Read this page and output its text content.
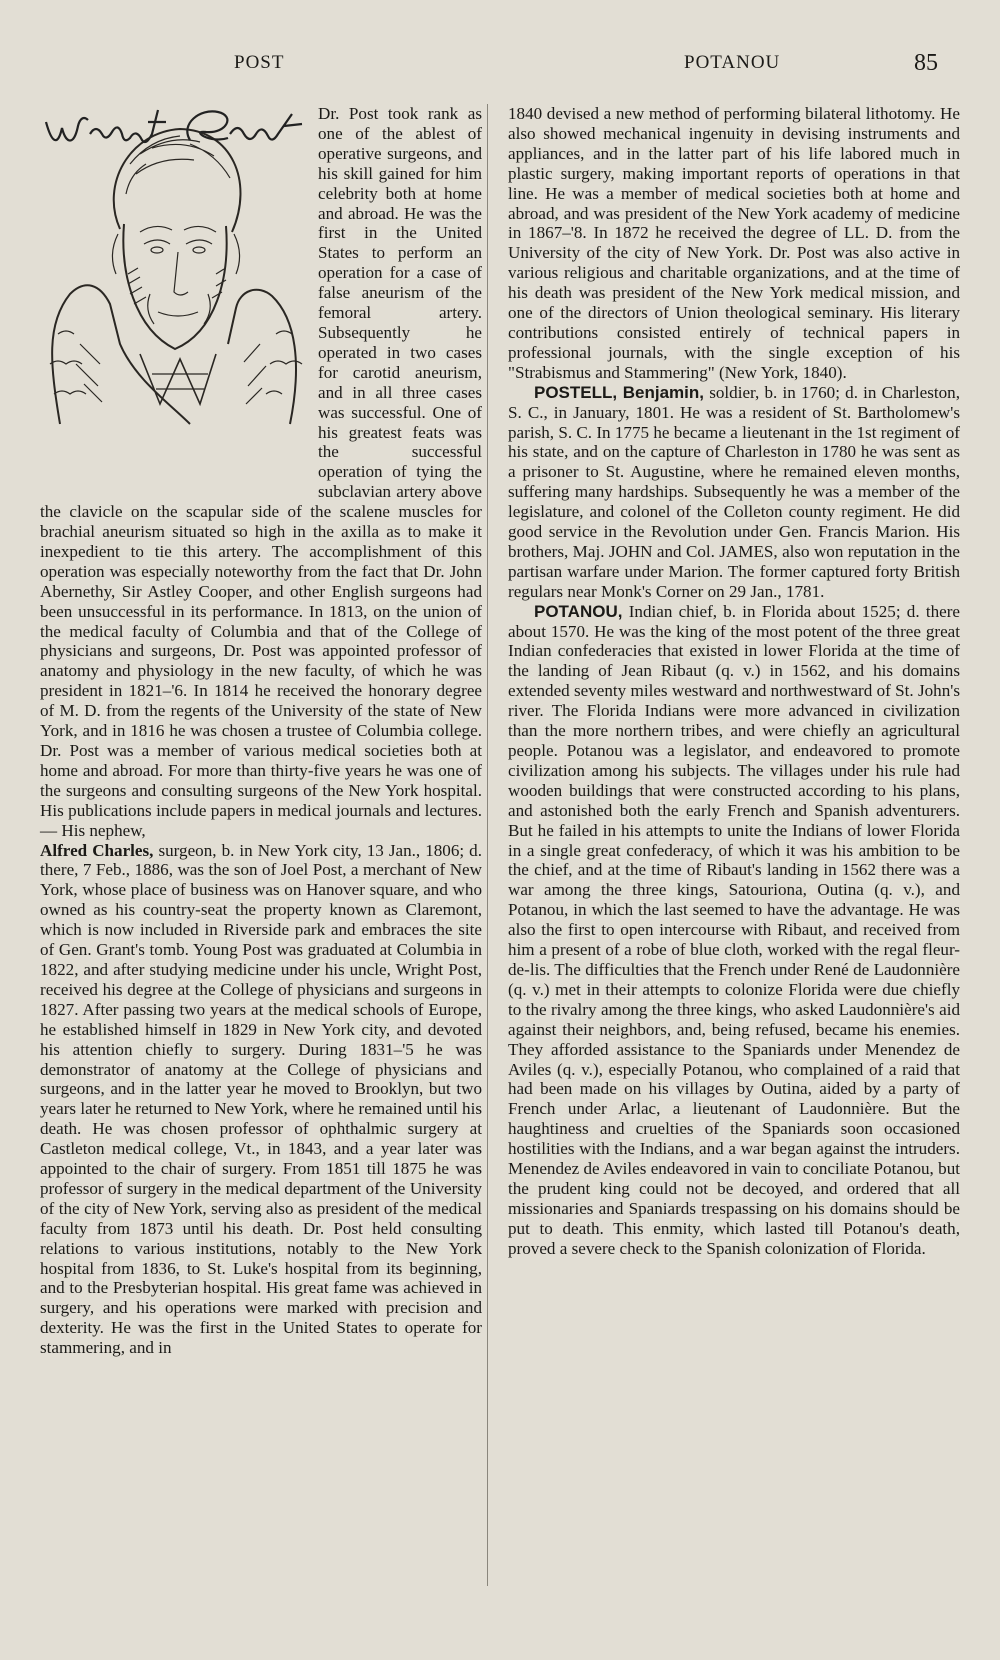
POST	POTANOU	85

Dr. Post took rank as one of the ablest of operative surgeons, and his skill gained for him celebrity both at home and abroad. He was the first in the United States to perform an operation for a case of false aneurism of the femoral artery. Subsequently he operated in two cases for carotid aneurism, and in all three cases was successful. One of his greatest feats was the successful operation of tying the subclavian artery above the clavicle on the scapular side of the scalene muscles for brachial aneurism situated so high in the axilla as to make it inexpedient to tie this artery. The accomplishment of this operation was especially noteworthy from the fact that Dr. John Abernethy, Sir Astley Cooper, and other English surgeons had been unsuccessful in its performance. In 1813, on the union of the medical faculty of Columbia and that of the College of physicians and surgeons, Dr. Post was appointed professor of anatomy and physiology in the new faculty, of which he was president in 1821–'6. In 1814 he received the honorary degree of M. D. from the regents of the University of the state of New York, and in 1816 he was chosen a trustee of Columbia college. Dr. Post was a member of various medical societies both at home and abroad. For more than thirty-five years he was one of the surgeons and consulting surgeons of the New York hospital. His publications include papers in medical journals and lectures.— His nephew,

Alfred Charles, surgeon, b. in New York city, 13 Jan., 1806; d. there, 7 Feb., 1886, was the son of Joel Post, a merchant of New York, whose place of business was on Hanover square, and who owned as his country-seat the property known as Claremont, which is now included in Riverside park and embraces the site of Gen. Grant's tomb. Young Post was graduated at Columbia in 1822, and after studying medicine under his uncle, Wright Post, received his degree at the College of physicians and surgeons in 1827. After passing two years at the medical schools of Europe, he established himself in 1829 in New York city, and devoted his attention chiefly to surgery. During 1831–'5 he was demonstrator of anatomy at the College of physicians and surgeons, and in the latter year he moved to Brooklyn, but two years later he returned to New York, where he remained until his death. He was chosen professor of ophthalmic surgery at Castleton medical college, Vt., in 1843, and a year later was appointed to the chair of surgery. From 1851 till 1875 he was professor of surgery in the medical department of the University of the city of New York, serving also as president of the medical faculty from 1873 until his death. Dr. Post held consulting relations to various institutions, notably to the New York hospital from 1836, to St. Luke's hospital from its beginning, and to the Presbyterian hospital. His great fame was achieved in surgery, and his operations were marked with precision and dexterity. He was the first in the United States to operate for stammering, and in

1840 devised a new method of performing bilateral lithotomy. He also showed mechanical ingenuity in devising instruments and appliances, and in the latter part of his life labored much in plastic surgery, making important reports of operations in that line. He was a member of medical societies both at home and abroad, and was president of the New York academy of medicine in 1867–'8. In 1872 he received the degree of LL. D. from the University of the city of New York. Dr. Post was also active in various religious and charitable organizations, and at the time of his death was president of the New York medical mission, and one of the directors of Union theological seminary. His literary contributions consisted entirely of technical papers in professional journals, with the single exception of his "Strabismus and Stammering" (New York, 1840).

POSTELL, Benjamin, soldier, b. in 1760; d. in Charleston, S. C., in January, 1801. He was a resident of St. Bartholomew's parish, S. C. In 1775 he became a lieutenant in the 1st regiment of his state, and on the capture of Charleston in 1780 he was sent as a prisoner to St. Augustine, where he remained eleven months, suffering many hardships. Subsequently he was a member of the legislature, and colonel of the Colleton county regiment. He did good service in the Revolution under Gen. Francis Marion. His brothers, Maj. JOHN and Col. JAMES, also won reputation in the partisan warfare under Marion. The former captured forty British regulars near Monk's Corner on 29 Jan., 1781.

POTANOU, Indian chief, b. in Florida about 1525; d. there about 1570. He was the king of the most potent of the three great Indian confederacies that existed in lower Florida at the time of the landing of Jean Ribaut (q. v.) in 1562, and his domains extended seventy miles westward and northwestward of St. John's river. The Florida Indians were more advanced in civilization than the more northern tribes, and were chiefly an agricultural people. Potanou was a legislator, and endeavored to promote civilization among his subjects. The villages under his rule had wooden buildings that were constructed according to his plans, and astonished both the early French and Spanish adventurers. But he failed in his attempts to unite the Indians of lower Florida in a single great confederacy, of which it was his ambition to be the chief, and at the time of Ribaut's landing in 1562 there was a war among the three kings, Satouriona, Outina (q. v.), and Potanou, in which the last seemed to have the advantage. He was also the first to open intercourse with Ribaut, and received from him a present of a robe of blue cloth, worked with the regal fleur-de-lis. The difficulties that the French under René de Laudonnière (q. v.) met in their attempts to colonize Florida were due chiefly to the rivalry among the three kings, who asked Laudonnière's aid against their neighbors, and, being refused, became his enemies. They afforded assistance to the Spaniards under Menendez de Aviles (q. v.), especially Potanou, who complained of a raid that had been made on his villages by Outina, aided by a party of French under Arlac, a lieutenant of Laudonnière. But the haughtiness and cruelties of the Spaniards soon occasioned hostilities with the Indians, and a war began against the intruders. Menendez de Aviles endeavored in vain to conciliate Potanou, but the prudent king could not be decoyed, and ordered that all missionaries and Spaniards trespassing on his domains should be put to death. This enmity, which lasted till Potanou's death, proved a severe check to the Spanish colonization of Florida.
